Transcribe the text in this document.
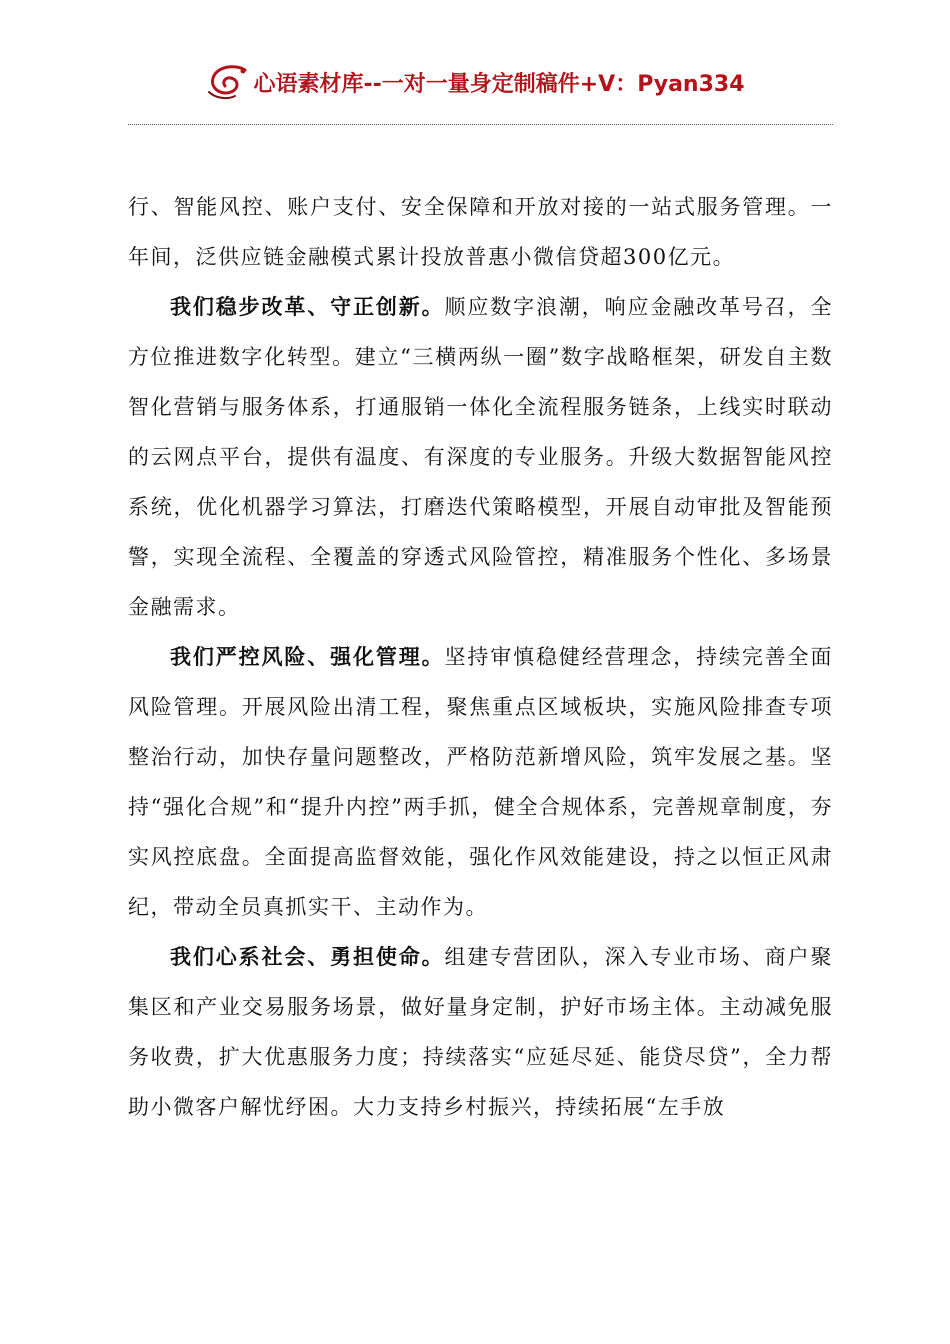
心语素材库--一对一量身定制稿件+V：Pyan334

行、智能风控、账户支付、安全保障和开放对接的一站式服务管理。一年间，泛供应链金融模式累计投放普惠小微信贷超300亿元。

我们稳步改革、守正创新。顺应数字浪潮，响应金融改革号召，全方位推进数字化转型。建立“三横两纵一圈”数字战略框架，研发自主数智化营销与服务体系，打通服销一体化全流程服务链条，上线实时联动的云网点平台，提供有温度、有深度的专业服务。升级大数据智能风控系统，优化机器学习算法，打磨迭代策略模型，开展自动审批及智能预警，实现全流程、全覆盖的穿透式风险管控，精准服务个性化、多场景金融需求。

我们严控风险、强化管理。坚持审慎稳健经营理念，持续完善全面风险管理。开展风险出清工程，聚焦重点区域板块，实施风险排查专项整治行动，加快存量问题整改，严格防范新增风险，筑牢发展之基。坚持“强化合规”和“提升内控”两手抓，健全合规体系，完善规章制度，夯实风控底盘。全面提高监督效能，强化作风效能建设，持之以恒正风肃纪，带动全员真抓实干、主动作为。

我们心系社会、勇担使命。组建专营团队，深入专业市场、商户聚集区和产业交易服务场景，做好量身定制，护好市场主体。主动减免服务收费，扩大优惠服务力度；持续落实“应延尽延、能贷尽贷”，全力帮助小微客户解忧纾困。大力支持乡村振兴，持续拓展“左手放
